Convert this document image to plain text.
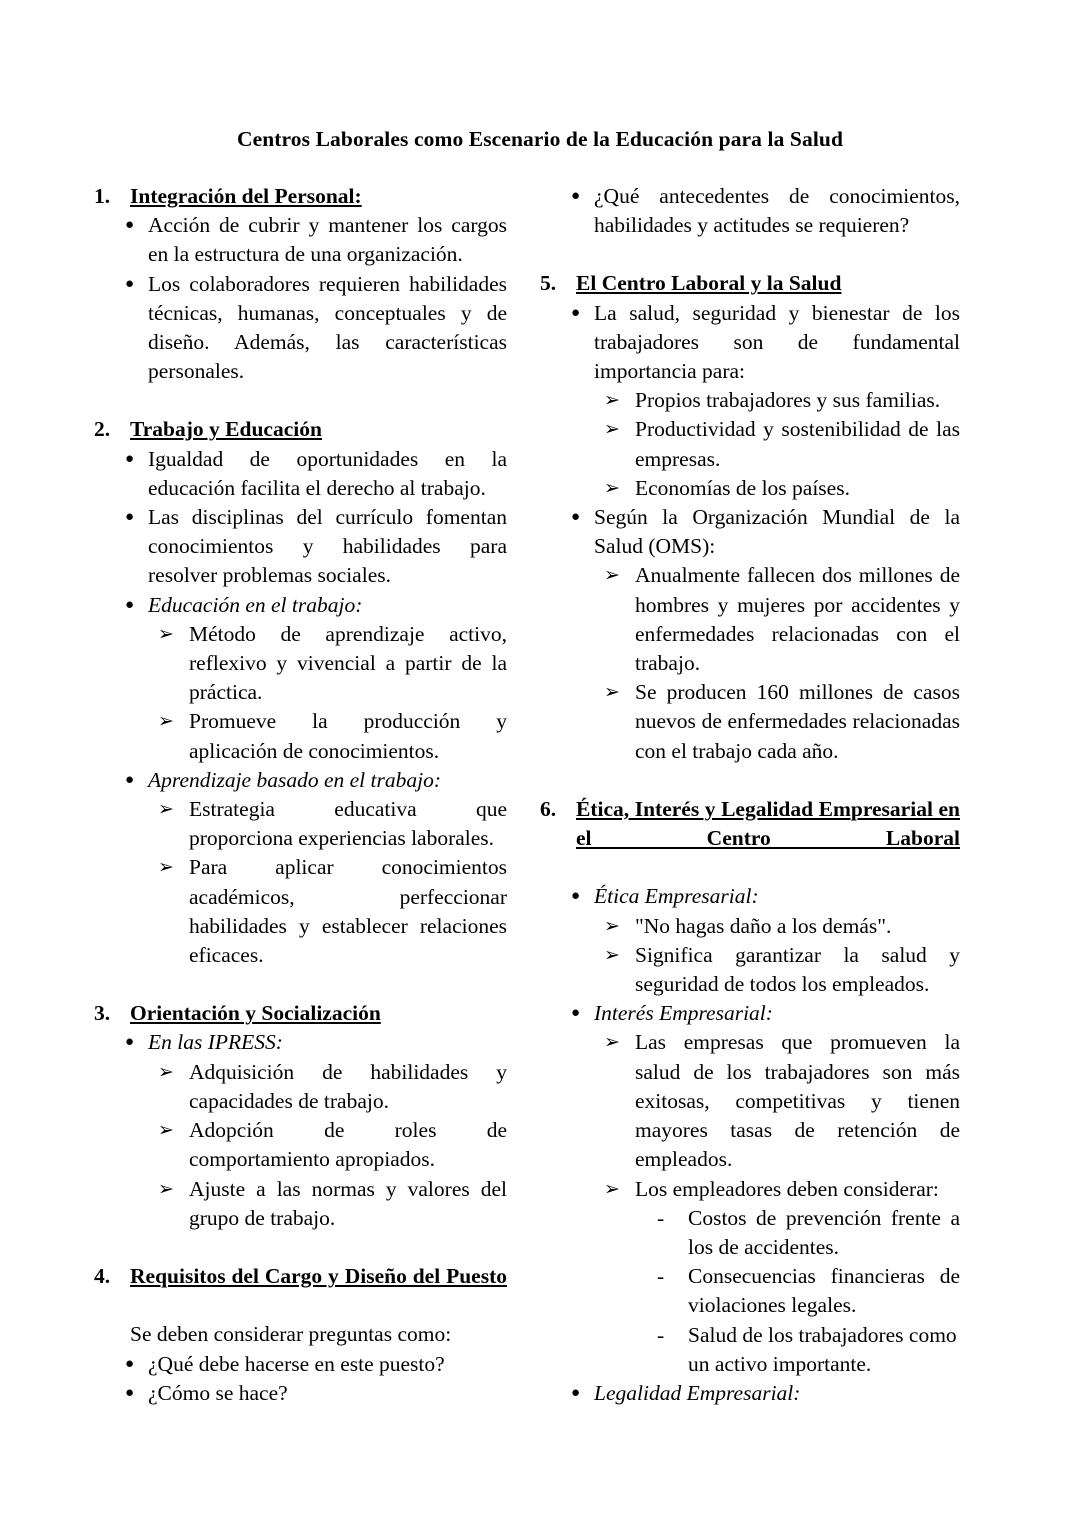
Centros Laborales como Escenario de la Educación para la Salud
1. Integración del Personal:
● Acción de cubrir y mantener los cargos en la estructura de una organización.
● Los colaboradores requieren habilidades técnicas, humanas, conceptuales y de diseño. Además, las características personales.
2. Trabajo y Educación
● Igualdad de oportunidades en la educación facilita el derecho al trabajo.
● Las disciplinas del currículo fomentan conocimientos y habilidades para resolver problemas sociales.
● Educación en el trabajo:
➢ Método de aprendizaje activo, reflexivo y vivencial a partir de la práctica.
➢ Promueve la producción y aplicación de conocimientos.
● Aprendizaje basado en el trabajo:
➢ Estrategia educativa que proporciona experiencias laborales.
➢ Para aplicar conocimientos académicos, perfeccionar habilidades y establecer relaciones eficaces.
3. Orientación y Socialización
● En las IPRESS:
➢ Adquisición de habilidades y capacidades de trabajo.
➢ Adopción de roles de comportamiento apropiados.
➢ Ajuste a las normas y valores del grupo de trabajo.
4. Requisitos del Cargo y Diseño del Puesto
Se deben considerar preguntas como:
● ¿Qué debe hacerse en este puesto?
● ¿Cómo se hace?
● ¿Qué antecedentes de conocimientos, habilidades y actitudes se requieren?
5. El Centro Laboral y la Salud
● La salud, seguridad y bienestar de los trabajadores son de fundamental importancia para:
➢ Propios trabajadores y sus familias.
➢ Productividad y sostenibilidad de las empresas.
➢ Economías de los países.
● Según la Organización Mundial de la Salud (OMS):
➢ Anualmente fallecen dos millones de hombres y mujeres por accidentes y enfermedades relacionadas con el trabajo.
➢ Se producen 160 millones de casos nuevos de enfermedades relacionadas con el trabajo cada año.
6. Ética, Interés y Legalidad Empresarial en el Centro Laboral
● Ética Empresarial:
➢ "No hagas daño a los demás".
➢ Significa garantizar la salud y seguridad de todos los empleados.
● Interés Empresarial:
➢ Las empresas que promueven la salud de los trabajadores son más exitosas, competitivas y tienen mayores tasas de retención de empleados.
➢ Los empleadores deben considerar:
-	Costos de prevención frente a los de accidentes.
-	Consecuencias financieras de violaciones legales.
-	Salud de los trabajadores como un activo importante.
● Legalidad Empresarial:
